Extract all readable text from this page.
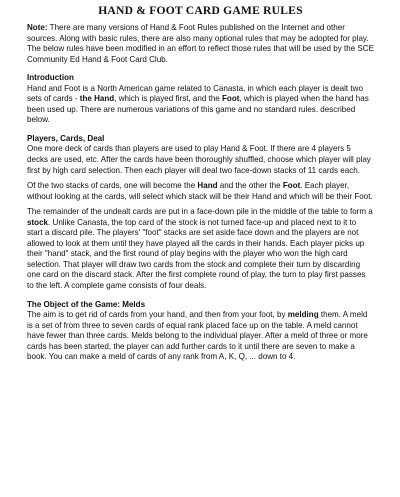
HAND & FOOT CARD GAME RULES

Note: There are many versions of Hand & Foot Rules published on the Internet and other sources. Along with basic rules, there are also many optional rules that may be adopted for play. The below rules have been modified in an effort to reflect those rules that will be used by the SCE Community Ed Hand & Foot Card Club.

Introduction

Hand and Foot is a North American game related to Canasta, in which each player is dealt two sets of cards - the Hand, which is played first, and the Foot, which is played when the hand has been used up. There are numerous variations of this game and no standard rules. described below.

Players, Cards, Deal

One more deck of cards than players are used to play Hand & Foot. If there are 4 players 5 decks are used, etc. After the cards have been thoroughly shuffled, choose which player will play first by high card selection. Then each player will deal two face-down stacks of 11 cards each.

Of the two stacks of cards, one will become the Hand and the other the Foot. Each player, without looking at the cards, will select which stack will be their Hand and which will be their Foot.

The remainder of the undealt cards are put in a face-down pile in the middle of the table to form a stock. Unlike Canasta, the top card of the stock is not turned face-up and placed next to it to start a discard pile. The players' "foot" stacks are set aside face down and the players are not allowed to look at them until they have played all the cards in their hands. Each player picks up their "hand" stack, and the first round of play begins with the player who won the high card selection. That player will draw two cards from the stock and complete their turn by discarding one card on the discard stack. After the first complete round of play, the turn to play first passes to the left. A complete game consists of four deals.

The Object of the Game: Melds

The aim is to get rid of cards from your hand, and then from your foot, by melding them. A meld is a set of from three to seven cards of equal rank placed face up on the table. A meld cannot have fewer than three cards. Melds belong to the individual player. After a meld of three or more cards has been started, the player can add further cards to it until there are seven to make a book. You can make a meld of cards of any rank from A, K, Q, ... down to 4.
